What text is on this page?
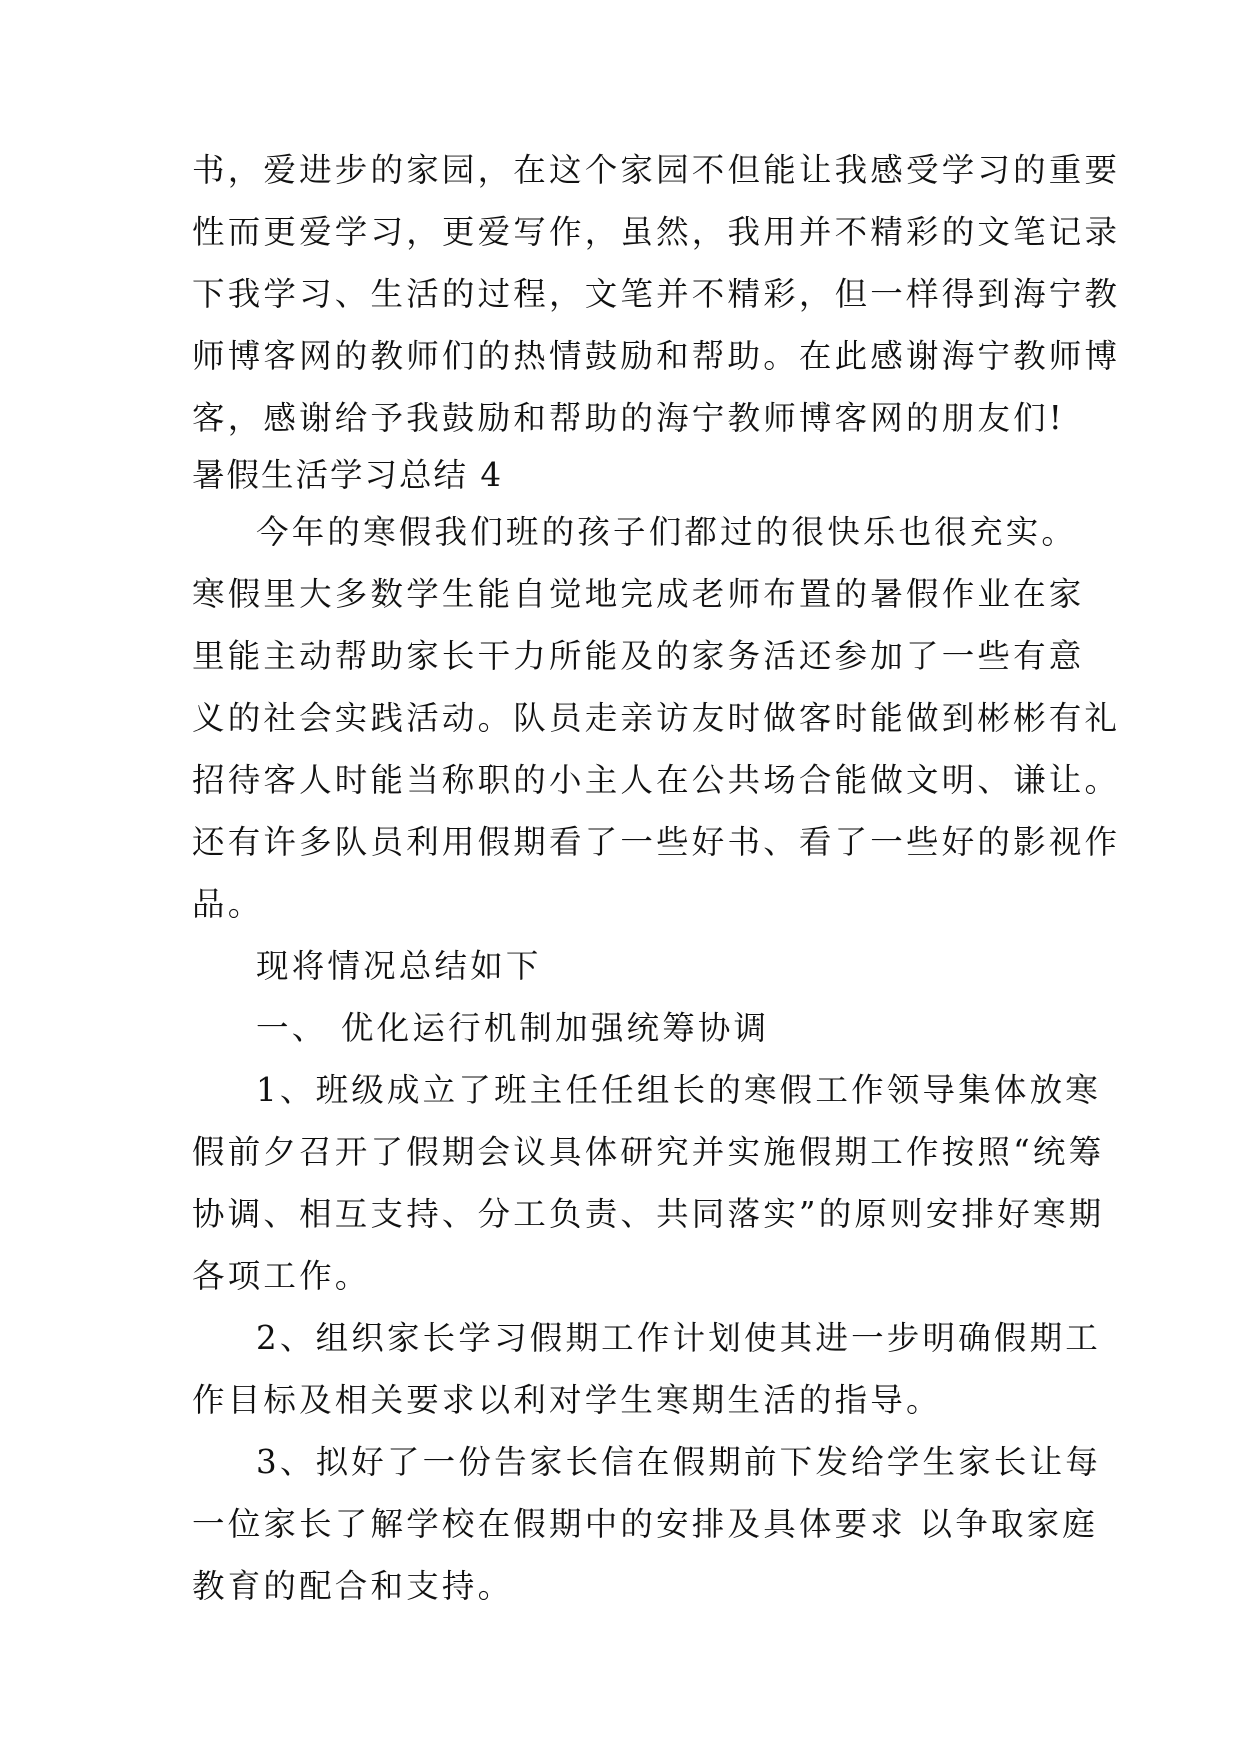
书，爱进步的家园，在这个家园不但能让我感受学习的重要
性而更爱学习，更爱写作，虽然，我用并不精彩的文笔记录
下我学习、生活的过程，文笔并不精彩，但一样得到海宁教
师博客网的教师们的热情鼓励和帮助。在此感谢海宁教师博
客，感谢给予我鼓励和帮助的海宁教师博客网的朋友们!
暑假生活学习总结 4
今年的寒假我们班的孩子们都过的很快乐也很充实。
寒假里大多数学生能自觉地完成老师布置的暑假作业在家
里能主动帮助家长干力所能及的家务活还参加了一些有意
义的社会实践活动。队员走亲访友时做客时能做到彬彬有礼
招待客人时能当称职的小主人在公共场合能做文明、谦让。
还有许多队员利用假期看了一些好书、看了一些好的影视作
品。
现将情况总结如下
一、 优化运行机制加强统筹协调
1、班级成立了班主任任组长的寒假工作领导集体放寒
假前夕召开了假期会议具体研究并实施假期工作按照“统筹
协调、相互支持、分工负责、共同落实”的原则安排好寒期
各项工作。
2、组织家长学习假期工作计划使其进一步明确假期工
作目标及相关要求以利对学生寒期生活的指导。
3、拟好了一份告家长信在假期前下发给学生家长让每
一位家长了解学校在假期中的安排及具体要求 以争取家庭
教育的配合和支持。
